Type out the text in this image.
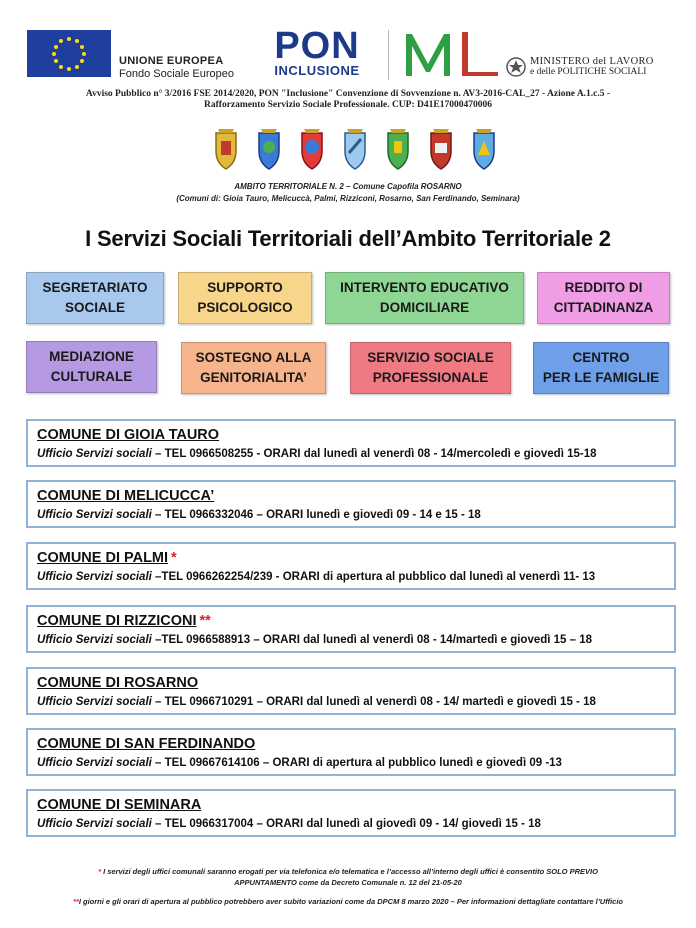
UNIONE EUROPEA
Fondo Sociale Europeo
PON
INCLUSIONE
MINISTERO del LAVORO
e delle POLITICHE SOCIALI
Avviso Pubblico n° 3/2016 FSE 2014/2020, PON "Inclusione" Convenzione di Sovvenzione n. AV3-2016-CAL_27 - Azione A.1.c.5 -
Rafforzamento Servizio Sociale Professionale. CUP: D41E17000470006
AMBITO TERRITORIALE N. 2 – Comune Capofila ROSARNO
(Comuni di: Gioia Tauro, Melicuccà, Palmi, Rizziconi, Rosarno, San Ferdinando, Seminara)
I Servizi Sociali Territoriali dell’Ambito Territoriale 2
SEGRETARIATO
SOCIALE
SUPPORTO
PSICOLOGICO
INTERVENTO EDUCATIVO
DOMICILIARE
REDDITO DI
CITTADINANZA
MEDIAZIONE
CULTURALE
SOSTEGNO ALLA
GENITORIALITA’
SERVIZIO SOCIALE
PROFESSIONALE
CENTRO
PER LE FAMIGLIE
COMUNE DI GIOIA TAURO
Ufficio Servizi sociali – TEL 0966508255 - ORARI dal lunedì al venerdì 08 - 14/mercoledì e giovedì 15-18
COMUNE DI MELICUCCA’
Ufficio Servizi sociali – TEL 0966332046 – ORARI lunedì e giovedì 09 - 14 e 15 - 18
COMUNE DI PALMI *
Ufficio Servizi sociali –TEL 0966262254/239 - ORARI di apertura al pubblico dal lunedì al venerdì 11- 13
COMUNE DI RIZZICONI **
Ufficio Servizi sociali –TEL 0966588913 – ORARI dal lunedì al venerdì 08 - 14/martedì e giovedì 15 – 18
COMUNE DI ROSARNO
Ufficio Servizi sociali – TEL 0966710291 – ORARI dal lunedì al venerdì 08 - 14/ martedì e giovedì 15 - 18
COMUNE DI SAN FERDINANDO
Ufficio Servizi sociali – TEL 09667614106 – ORARI di apertura al pubblico lunedì e giovedì 09 -13
COMUNE DI SEMINARA
Ufficio Servizi sociali – TEL 0966317004 – ORARI dal lunedì al giovedì 09 - 14/ giovedì 15 - 18
* I servizi degli uffici comunali saranno erogati per via telefonica e/o telematica e l’accesso all’interno degli uffici è consentito SOLO PREVIO
APPUNTAMENTO come da Decreto Comunale n. 12 del 21-05-20
**I giorni e gli orari di apertura al pubblico potrebbero aver subito variazioni come da DPCM 8 marzo 2020 – Per informazioni dettagliate contattare l’Ufficio
